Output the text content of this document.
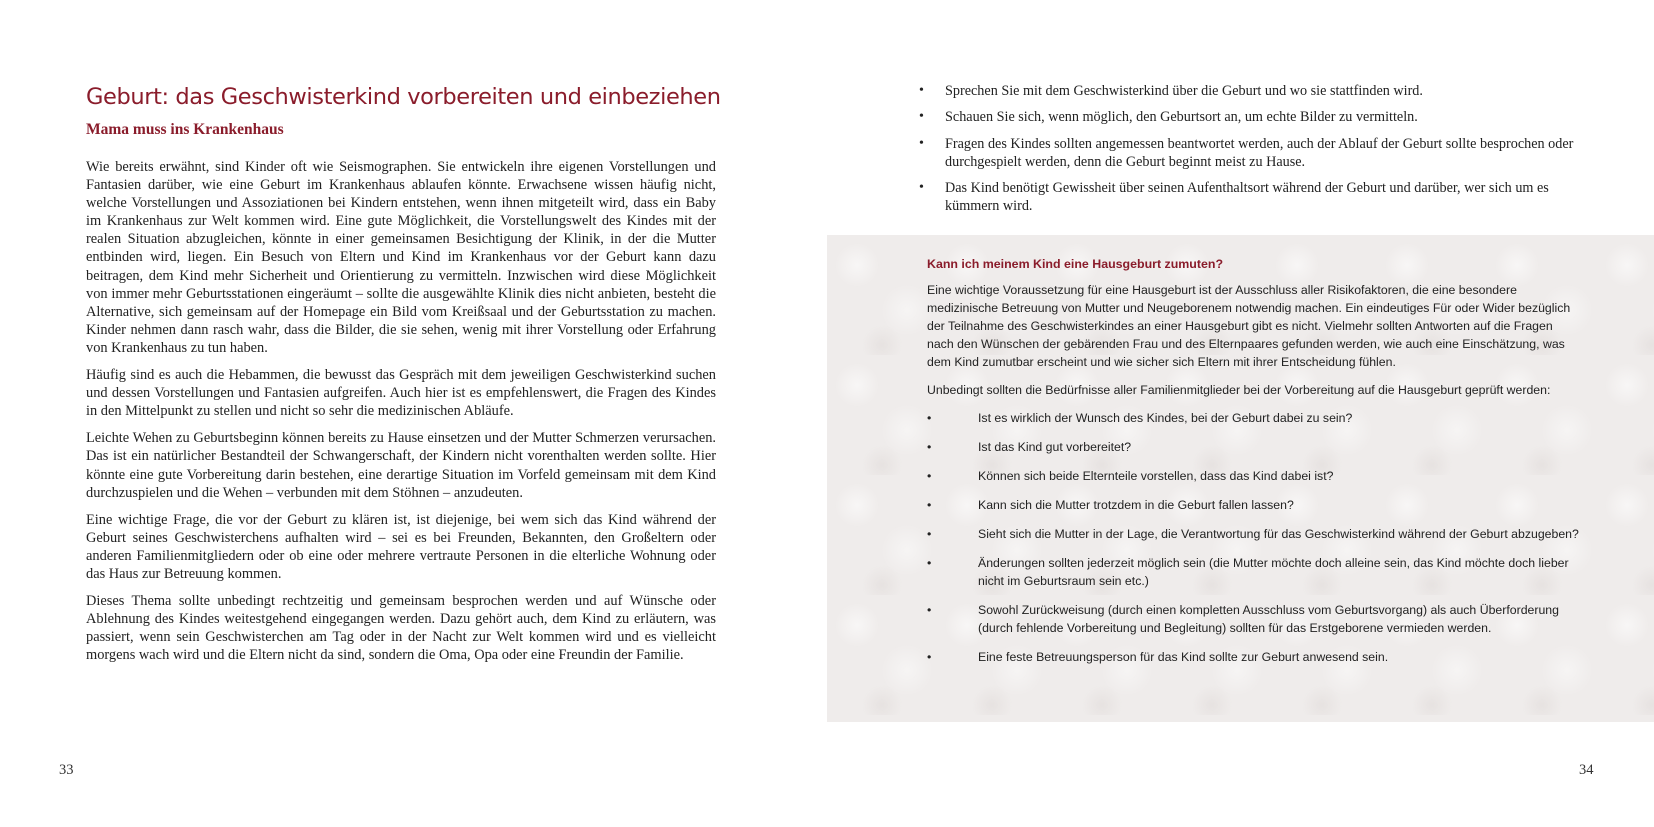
Geburt: das Geschwisterkind vorbereiten und einbeziehen
Mama muss ins Krankenhaus

Wie bereits erwähnt, sind Kinder oft wie Seismographen. Sie entwickeln ihre eigenen Vorstellungen und Fantasien darüber, wie eine Geburt im Krankenhaus ablaufen könnte. Erwachsene wissen häufig nicht, welche Vorstellungen und Assoziationen bei Kindern entstehen, wenn ihnen mitgeteilt wird, dass ein Baby im Krankenhaus zur Welt kommen wird. Eine gute Möglichkeit, die Vorstellungswelt des Kindes mit der realen Situation abzugleichen, könnte in einer gemeinsamen Besichtigung der Klinik, in der die Mutter entbinden wird, liegen. Ein Besuch von Eltern und Kind im Krankenhaus vor der Geburt kann dazu beitragen, dem Kind mehr Sicherheit und Orientierung zu vermitteln. Inzwischen wird diese Möglichkeit von immer mehr Geburtsstationen eingeräumt – sollte die ausgewählte Klinik dies nicht anbieten, besteht die Alternative, sich gemeinsam auf der Homepage ein Bild vom Kreißsaal und der Geburtsstation zu machen. Kinder nehmen dann rasch wahr, dass die Bilder, die sie sehen, wenig mit ihrer Vorstellung oder Erfahrung von Krankenhaus zu tun haben.

Häufig sind es auch die Hebammen, die bewusst das Gespräch mit dem jeweiligen Geschwisterkind suchen und dessen Vorstellungen und Fantasien aufgreifen. Auch hier ist es empfehlenswert, die Fragen des Kindes in den Mittelpunkt zu stellen und nicht so sehr die medizinischen Abläufe.

Leichte Wehen zu Geburtsbeginn können bereits zu Hause einsetzen und der Mutter Schmerzen verursachen. Das ist ein natürlicher Bestandteil der Schwangerschaft, der Kindern nicht vorenthalten werden sollte. Hier könnte eine gute Vorbereitung darin bestehen, eine derartige Situation im Vorfeld gemeinsam mit dem Kind durchzuspielen und die Wehen – verbunden mit dem Stöhnen – anzudeuten.

Eine wichtige Frage, die vor der Geburt zu klären ist, ist diejenige, bei wem sich das Kind während der Geburt seines Geschwisterchens aufhalten wird – sei es bei Freunden, Bekannten, den Großeltern oder anderen Familienmitgliedern oder ob eine oder mehrere vertraute Personen in die elterliche Wohnung oder das Haus zur Betreuung kommen.

Dieses Thema sollte unbedingt rechtzeitig und gemeinsam besprochen werden und auf Wünsche oder Ablehnung des Kindes weitestgehend eingegangen werden. Dazu gehört auch, dem Kind zu erläutern, was passiert, wenn sein Geschwisterchen am Tag oder in der Nacht zur Welt kommen wird und es vielleicht morgens wach wird und die Eltern nicht da sind, sondern die Oma, Opa oder eine Freundin der Familie.

33
• Sprechen Sie mit dem Geschwisterkind über die Geburt und wo sie stattfinden wird.
• Schauen Sie sich, wenn möglich, den Geburtsort an, um echte Bilder zu vermitteln.
• Fragen des Kindes sollten angemessen beantwortet werden, auch der Ablauf der Geburt sollte besprochen oder durchgespielt werden, denn die Geburt beginnt meist zu Hause.
• Das Kind benötigt Gewissheit über seinen Aufenthaltsort während der Geburt und darüber, wer sich um es kümmern wird.
Kann ich meinem Kind eine Hausgeburt zumuten?

Eine wichtige Voraussetzung für eine Hausgeburt ist der Ausschluss aller Risikofaktoren, die eine besondere medizinische Betreuung von Mutter und Neugeborenem notwendig machen. Ein eindeutiges Für oder Wider bezüglich der Teilnahme des Geschwisterkindes an einer Hausgeburt gibt es nicht. Vielmehr sollten Antworten auf die Fragen nach den Wünschen der gebärenden Frau und des Elternpaares gefunden werden, wie auch eine Einschätzung, was dem Kind zumutbar erscheint und wie sicher sich Eltern mit ihrer Entscheidung fühlen.

Unbedingt sollten die Bedürfnisse aller Familienmitglieder bei der Vorbereitung auf die Hausgeburt geprüft werden:

•	Ist es wirklich der Wunsch des Kindes, bei der Geburt dabei zu sein?
•	Ist das Kind gut vorbereitet?
•	Können sich beide Elternteile vorstellen, dass das Kind dabei ist?
•	Kann sich die Mutter trotzdem in die Geburt fallen lassen?
•	Sieht sich die Mutter in der Lage, die Verantwortung für das Geschwisterkind während der Geburt abzugeben?
•	Änderungen sollten jederzeit möglich sein (die Mutter möchte doch alleine sein, das Kind möchte doch lieber nicht im Geburtsraum sein etc.)
•	Sowohl Zurückweisung (durch einen kompletten Ausschluss vom Geburtsvorgang) als auch Überforderung (durch fehlende Vorbereitung und Begleitung) sollten für das Erstgeborene vermieden werden.
•	Eine feste Betreuungsperson für das Kind sollte zur Geburt anwesend sein.
34
